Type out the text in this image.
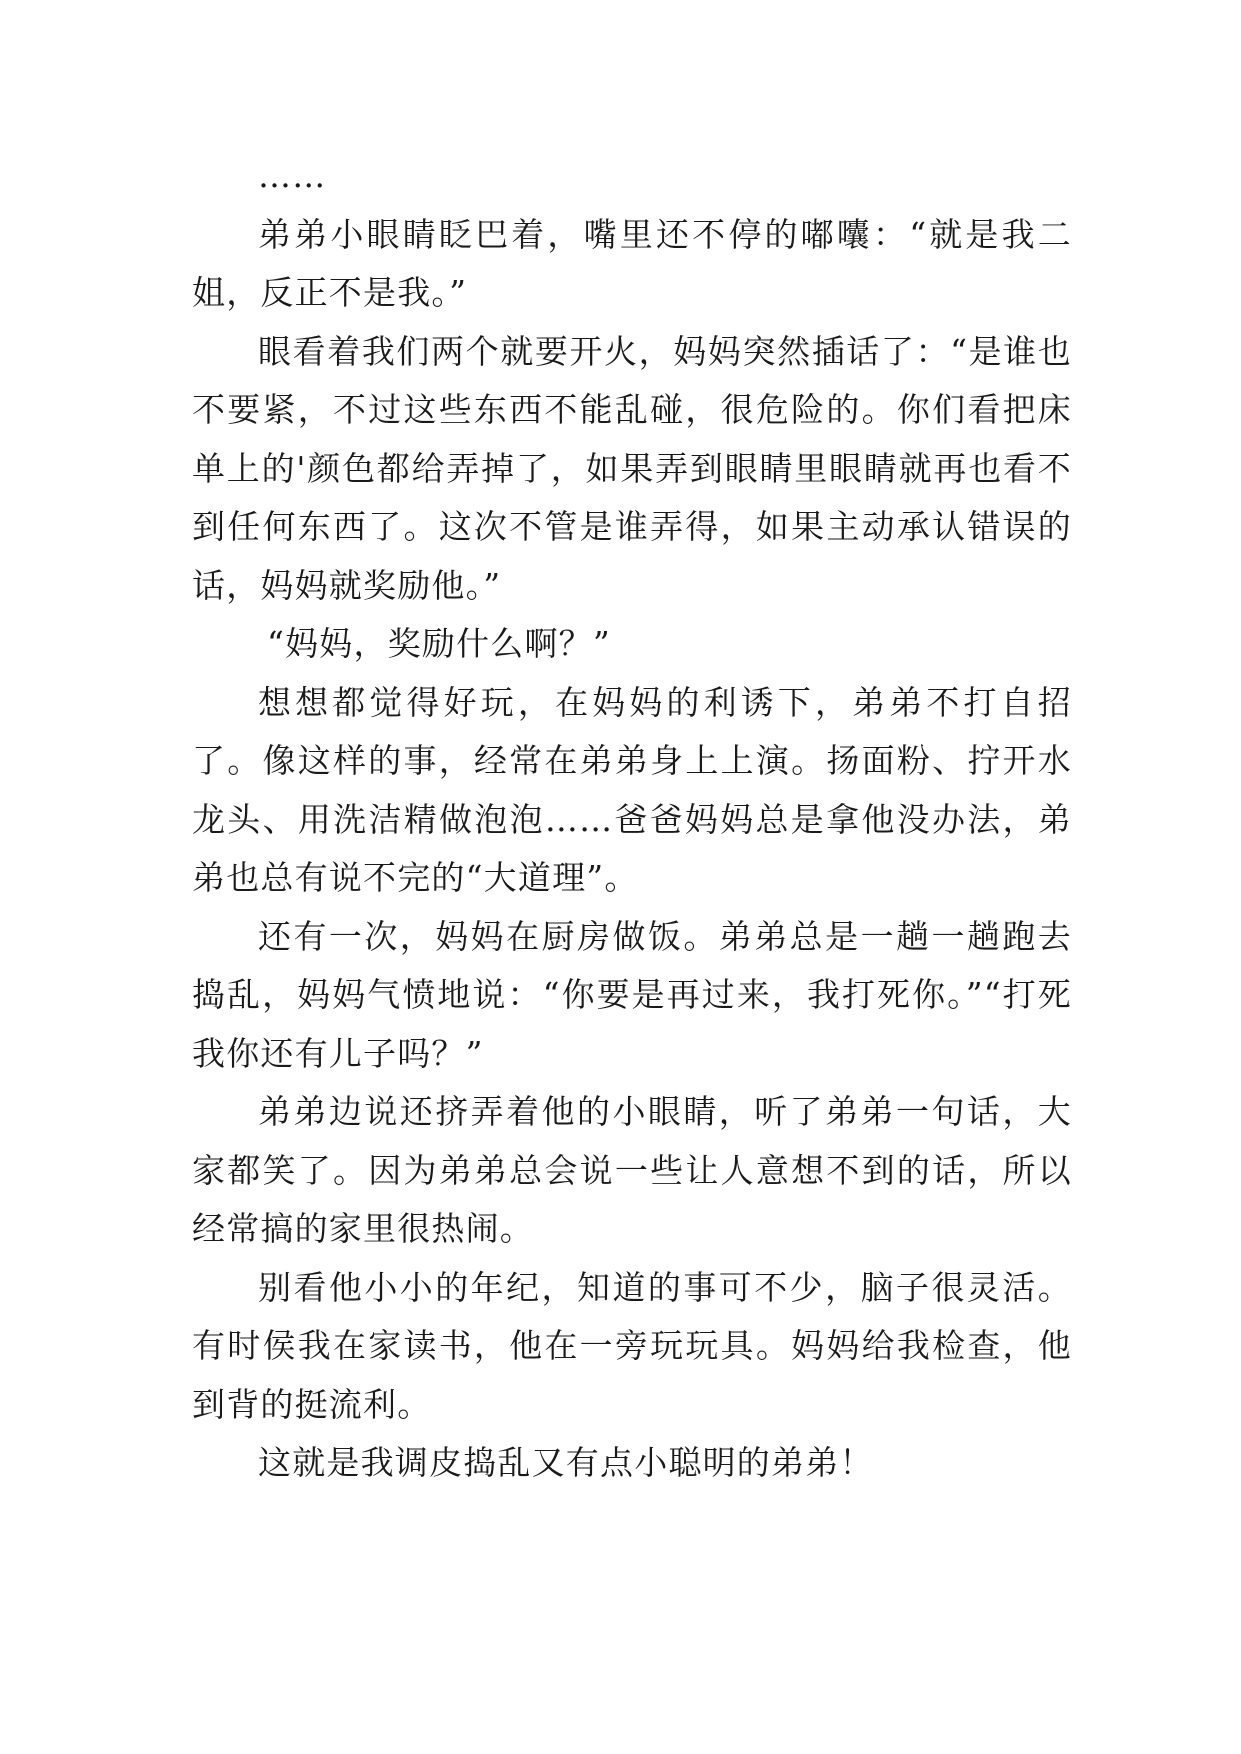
……

弟弟小眼睛眨巴着，嘴里还不停的嘟囔：“就是我二姐，反正不是我。”

眼看着我们两个就要开火，妈妈突然插话了：“是谁也不要紧，不过这些东西不能乱碰，很危险的。你们看把床单上的'颜色都给弄掉了，如果弄到眼睛里眼睛就再也看不到任何东西了。这次不管是谁弄得，如果主动承认错误的话，妈妈就奖励他。”

“妈妈，奖励什么啊？”

想想都觉得好玩，在妈妈的利诱下，弟弟不打自招了。像这样的事，经常在弟弟身上上演。扬面粉、拧开水龙头、用洗洁精做泡泡……爸爸妈妈总是拿他没办法，弟弟也总有说不完的“大道理”。

还有一次，妈妈在厨房做饭。弟弟总是一趟一趟跑去捣乱，妈妈气愤地说：“你要是再过来，我打死你。”“打死我你还有儿子吗？”

弟弟边说还挤弄着他的小眼睛，听了弟弟一句话，大家都笑了。因为弟弟总会说一些让人意想不到的话，所以经常搞的家里很热闹。

别看他小小的年纪，知道的事可不少，脑子很灵活。有时侯我在家读书，他在一旁玩玩具。妈妈给我检查，他到背的挺流利。

这就是我调皮捣乱又有点小聪明的弟弟！
